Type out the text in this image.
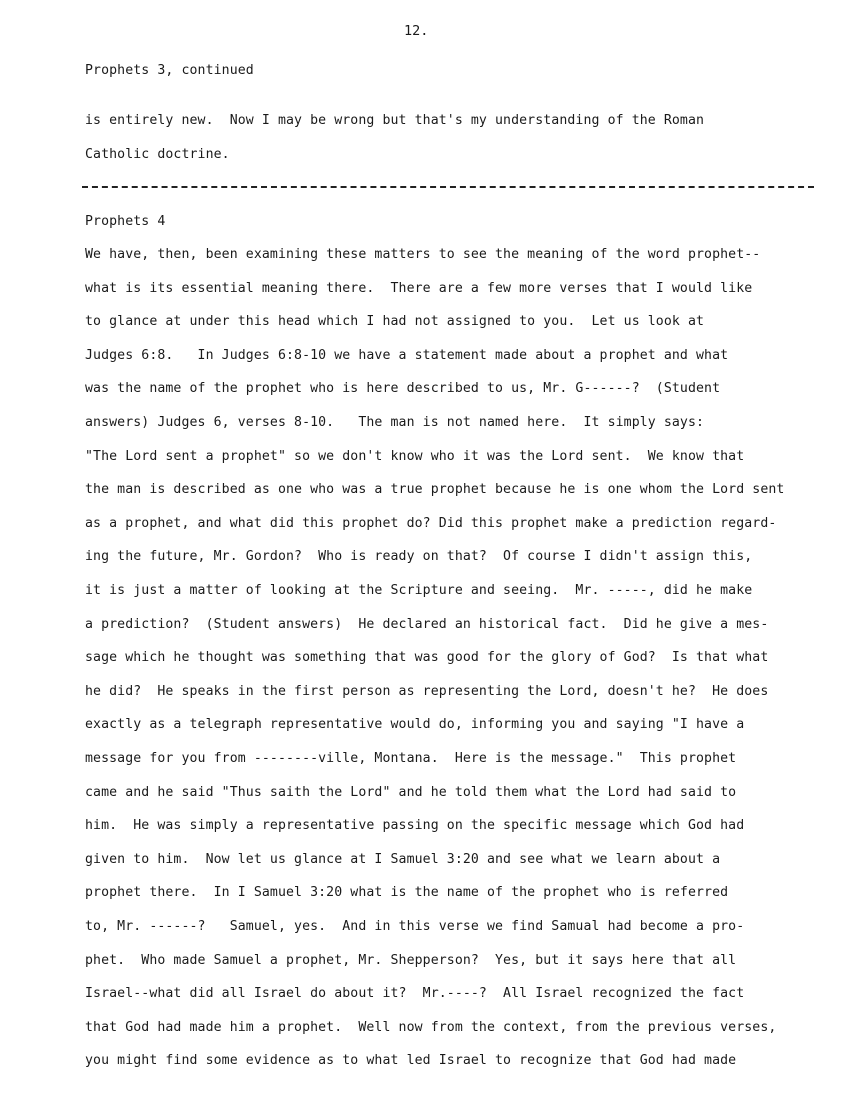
12.

Prophets 3, continued

is entirely new.  Now I may be wrong but that's my understanding of the Roman

Catholic doctrine.

Prophets 4

We have, then, been examining these matters to see the meaning of the word prophet--

what is its essential meaning there.  There are a few more verses that I would like

to glance at under this head which I had not assigned to you.  Let us look at

Judges 6:8.   In Judges 6:8-10 we have a statement made about a prophet and what

was the name of the prophet who is here described to us, Mr. G------?  (Student

answers) Judges 6, verses 8-10.   The man is not named here.  It simply says:

"The Lord sent a prophet" so we don't know who it was the Lord sent.  We know that

the man is described as one who was a true prophet because he is one whom the Lord sent

as a prophet, and what did this prophet do? Did this prophet make a prediction regard-

ing the future, Mr. Gordon?  Who is ready on that?  Of course I didn't assign this,

it is just a matter of looking at the Scripture and seeing.  Mr. -----, did he make

a prediction?  (Student answers)  He declared an historical fact.  Did he give a mes-

sage which he thought was something that was good for the glory of God?  Is that what

he did?  He speaks in the first person as representing the Lord, doesn't he?  He does

exactly as a telegraph representative would do, informing you and saying "I have a

message for you from --------ville, Montana.  Here is the message."  This prophet

came and he said "Thus saith the Lord" and he told them what the Lord had said to

him.  He was simply a representative passing on the specific message which God had

given to him.  Now let us glance at I Samuel 3:20 and see what we learn about a

prophet there.  In I Samuel 3:20 what is the name of the prophet who is referred

to, Mr. ------?   Samuel, yes.  And in this verse we find Samual had become a pro-

phet.  Who made Samuel a prophet, Mr. Shepperson?  Yes, but it says here that all

Israel--what did all Israel do about it?  Mr.----?  All Israel recognized the fact

that God had made him a prophet.  Well now from the context, from the previous verses,

you might find some evidence as to what led Israel to recognize that God had made
